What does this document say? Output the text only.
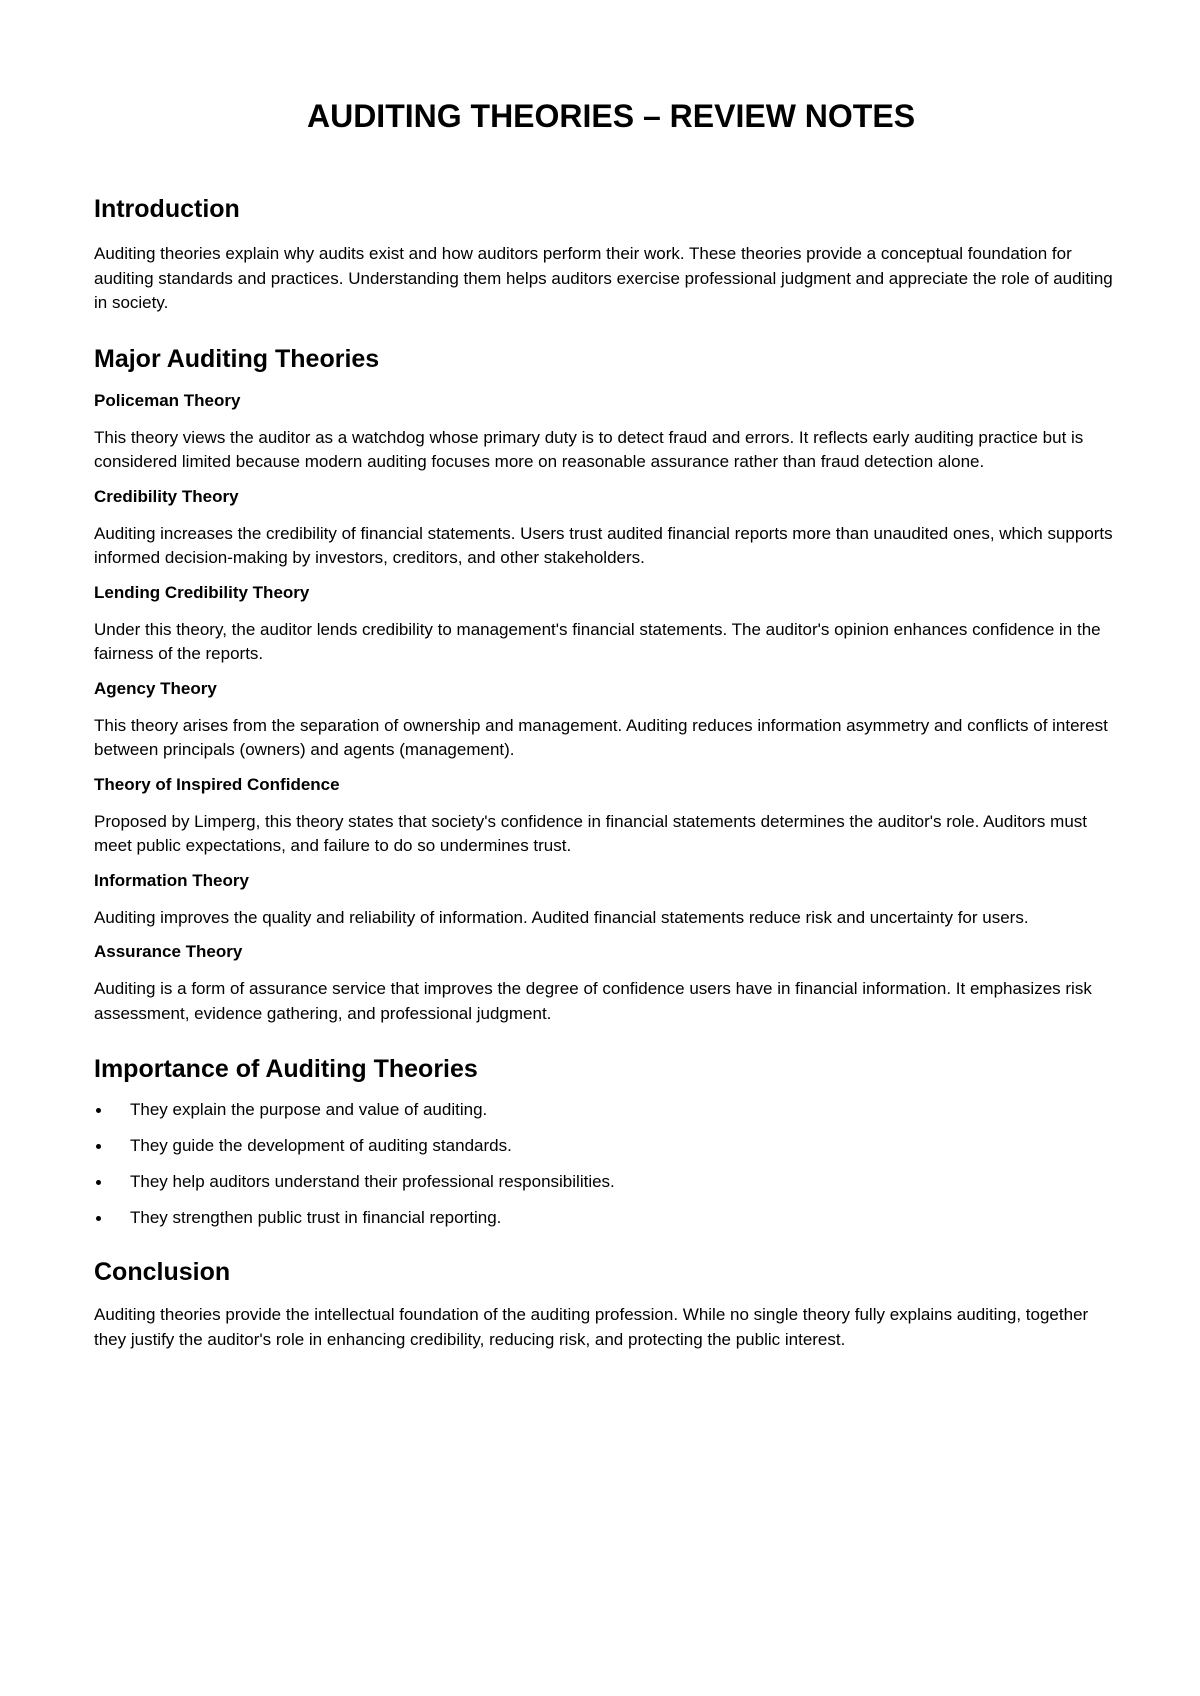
AUDITING THEORIES – REVIEW NOTES
Introduction

Auditing theories explain why audits exist and how auditors perform their work. These theories provide a conceptual foundation for auditing standards and practices. Understanding them helps auditors exercise professional judgment and appreciate the role of auditing in society.

Major Auditing Theories
Policeman Theory

This theory views the auditor as a watchdog whose primary duty is to detect fraud and errors. It reflects early auditing practice but is considered limited because modern auditing focuses more on reasonable assurance rather than fraud detection alone.

Credibility Theory

Auditing increases the credibility of financial statements. Users trust audited financial reports more than unaudited ones, which supports informed decision-making by investors, creditors, and other stakeholders.

Lending Credibility Theory

Under this theory, the auditor lends credibility to management's financial statements. The auditor's opinion enhances confidence in the fairness of the reports.

Agency Theory

This theory arises from the separation of ownership and management. Auditing reduces information asymmetry and conflicts of interest between principals (owners) and agents (management).

Theory of Inspired Confidence

Proposed by Limperg, this theory states that society's confidence in financial statements determines the auditor's role. Auditors must meet public expectations, and failure to do so undermines trust.

Information Theory

Auditing improves the quality and reliability of information. Audited financial statements reduce risk and uncertainty for users.

Assurance Theory

Auditing is a form of assurance service that improves the degree of confidence users have in financial information. It emphasizes risk assessment, evidence gathering, and professional judgment.

Importance of Auditing Theories
They explain the purpose and value of auditing.
They guide the development of auditing standards.
They help auditors understand their professional responsibilities.
They strengthen public trust in financial reporting.
Conclusion

Auditing theories provide the intellectual foundation of the auditing profession. While no single theory fully explains auditing, together they justify the auditor's role in enhancing credibility, reducing risk, and protecting the public interest.
